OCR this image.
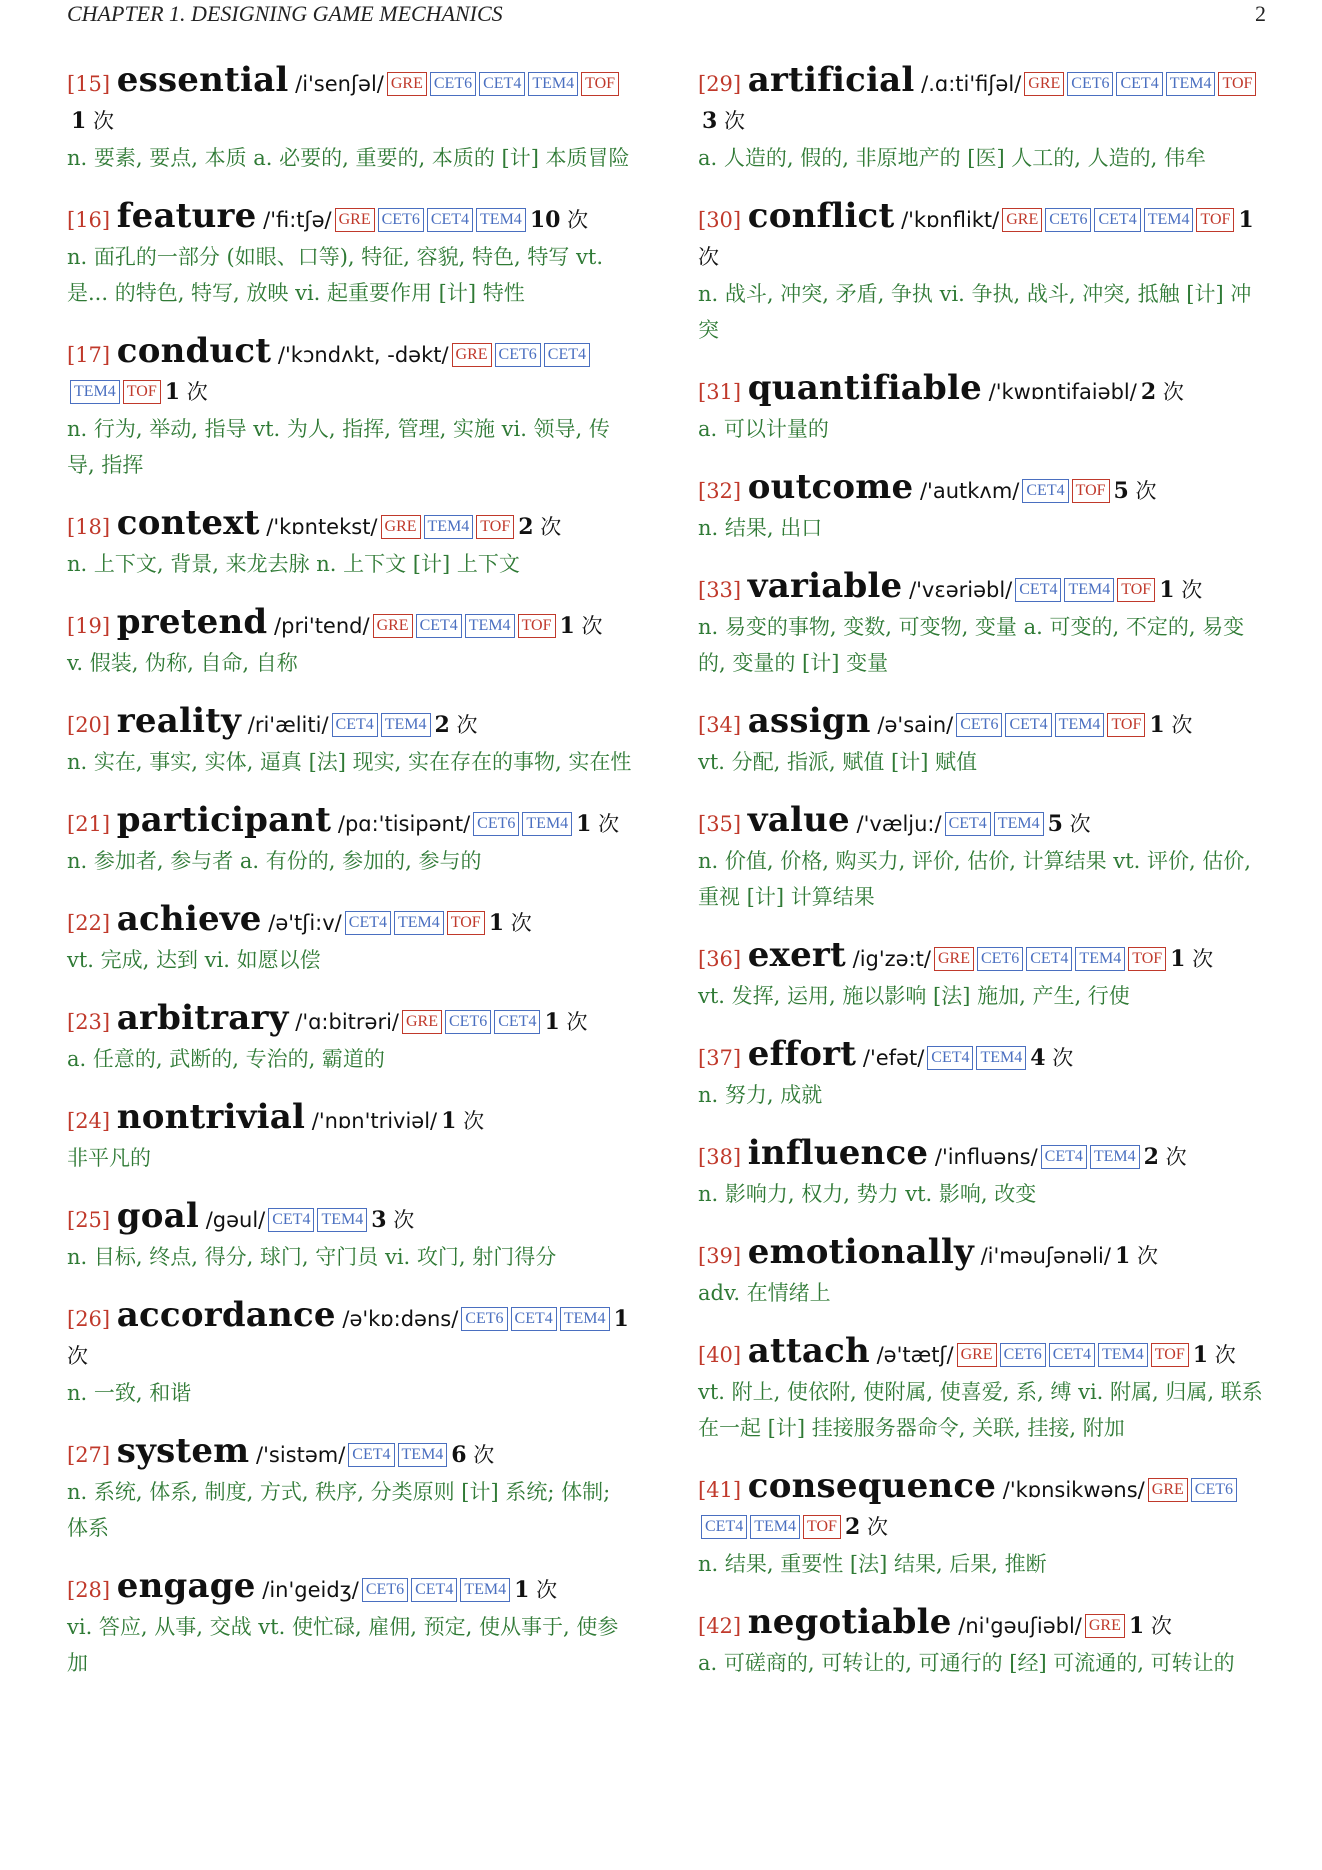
CHAPTER 1. DESIGNING GAME MECHANICS	2
[15] essential /i'senʃəl/ GRE CET6 CET4 TEM4 TOF1 次
n. 要素, 要点, 本质 a. 必要的, 重要的, 本质的 [计] 本质冒险
[16] feature /'fi:tʃə/ GRE CET6 CET4 TEM4 10 次
n. 面孔的一部分 (如眼、口等), 特征, 容貌, 特色, 特写 vt. 是... 的特色, 特写, 放映 vi. 起重要作用 [计] 特性
[17] conduct /'kɔndʌkt, -dəkt/ GRE CET6 CET4TEM4 TOF 1 次
n. 行为, 举动, 指导 vt. 为人, 指挥, 管理, 实施 vi. 领导, 传导, 指挥
[18] context /'kɒntekst/ GRE TEM4 TOF 2 次
n. 上下文, 背景, 来龙去脉 n. 上下文 [计] 上下文
[19] pretend /pri'tend/ GRE CET4 TEM4 TOF 1 次
v. 假装, 伪称, 自命, 自称
[20] reality /ri'æliti/ CET4 TEM4 2 次
n. 实在, 事实, 实体, 逼真 [法] 现实, 实在存在的事物, 实在性
[21] participant /pɑ:'tisipənt/ CET6 TEM4 1 次
n. 参加者, 参与者 a. 有份的, 参加的, 参与的
[22] achieve /ə'tʃi:v/ CET4 TEM4 TOF 1 次
vt. 完成, 达到 vi. 如愿以偿
[23] arbitrary /'ɑ:bitrəri/ GRE CET6 CET4 1 次
a. 任意的, 武断的, 专治的, 霸道的
[24] nontrivial /'nɒn'triviəl/ 1 次
非平凡的
[25] goal /gəul/ CET4 TEM4 3 次
n. 目标, 终点, 得分, 球门, 守门员 vi. 攻门, 射门得分
[26] accordance /ə'kɒ:dəns/ CET6 CET4 TEM4 1 次
n. 一致, 和谐
[27] system /'sistəm/ CET4 TEM4 6 次
n. 系统, 体系, 制度, 方式, 秩序, 分类原则 [计] 系统; 体制; 体系
[28] engage /in'geidʒ/ CET6 CET4 TEM4 1 次
vi. 答应, 从事, 交战 vt. 使忙碌, 雇佣, 预定, 使从事于, 使参加
[29] artificial /.ɑ:ti'fiʃəl/ GRE CET6 CET4 TEM4 TOF3 次
a. 人造的, 假的, 非原地产的 [医] 人工的, 人造的, 伟牟
[30] conflict /'kɒnflikt/ GRE CET6 CET4 TEM4 TOF 1 次
n. 战斗, 冲突, 矛盾, 争执 vi. 争执, 战斗, 冲突, 抵触 [计] 冲突
[31] quantifiable /'kwɒntifaiəbl/ 2 次
a. 可以计量的
[32] outcome /'autkʌm/ CET4 TOF 5 次
n. 结果, 出口
[33] variable /'vɛəriəbl/ CET4 TEM4 TOF 1 次
n. 易变的事物, 变数, 可变物, 变量 a. 可变的, 不定的, 易变的, 变量的 [计] 变量
[34] assign /ə'sain/ CET6 CET4 TEM4 TOF 1 次
vt. 分配, 指派, 赋值 [计] 赋值
[35] value /'vælju:/ CET4 TEM4 5 次
n. 价值, 价格, 购买力, 评价, 估价, 计算结果 vt. 评价, 估价, 重视 [计] 计算结果
[36] exert /ig'zə:t/ GRE CET6 CET4 TEM4 TOF 1 次
vt. 发挥, 运用, 施以影响 [法] 施加, 产生, 行使
[37] effort /'efət/ CET4 TEM4 4 次
n. 努力, 成就
[38] influence /'influəns/ CET4 TEM4 2 次
n. 影响力, 权力, 势力 vt. 影响, 改变
[39] emotionally /i'məuʃənəli/ 1 次
adv. 在情绪上
[40] attach /ə'tætʃ/ GRE CET6 CET4 TEM4 TOF 1 次
vt. 附上, 使依附, 使附属, 使喜爱, 系, 缚 vi. 附属, 归属, 联系在一起 [计] 挂接服务器命令, 关联, 挂接, 附加
[41] consequence /'kɒnsikwəns/ GRE CET6CET4 TEM4 TOF 2 次
n. 结果, 重要性 [法] 结果, 后果, 推断
[42] negotiable /ni'gəuʃiəbl/ GRE 1 次
a. 可磋商的, 可转让的, 可通行的 [经] 可流通的, 可转让的
